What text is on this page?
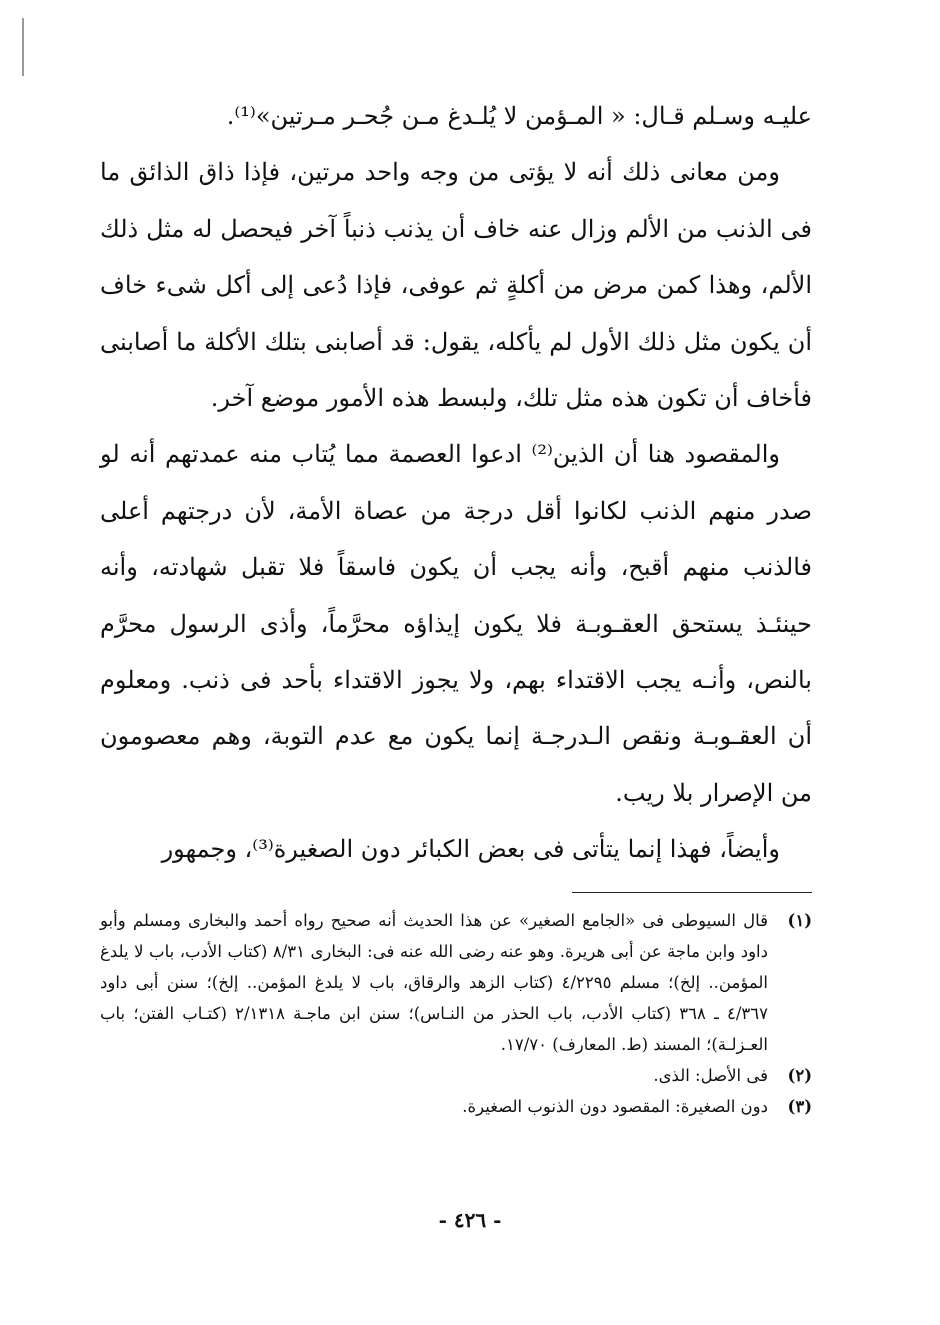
عليـه وسـلم قـال: « المـؤمن لا يُلـدغ مـن جُحـر مـرتين»⁽¹⁾.

ومن معانى ذلك أنه لا يؤتى من وجه واحد مرتين، فإذا ذاق الذائق ما فى الذنب من الألم وزال عنه خاف أن يذنب ذنباً آخر فيحصل له مثل ذلك الألم، وهذا كمن مرض من أكلةٍ ثم عوفى، فإذا دُعى إلى أكل شىء خاف أن يكون مثل ذلك الأول لم يأكله، يقول: قد أصابنى بتلك الأكلة ما أصابنى فأخاف أن تكون هذه مثل تلك، ولبسط هذه الأمور موضع آخر.

والمقصود هنا أن الذين⁽²⁾ ادعوا العصمة مما يُتاب منه عمدتهم أنه لو صدر منهم الذنب لكانوا أقل درجة من عصاة الأمة، لأن درجتهم أعلى فالذنب منهم أقبح، وأنه يجب أن يكون فاسقاً فلا تقبل شهادته، وأنه حينئـذ يستحق العقـوبـة فلا يكون إيذاؤه محرَّماً، وأذى الرسول محرَّم بالنص، وأنـه يجب الاقتداء بهم، ولا يجوز الاقتداء بأحد فى ذنب. ومعلوم أن العقـوبـة ونقص الـدرجـة إنما يكون مع عدم التوبة، وهم معصومون من الإصرار بلا ريب.

وأيضاً، فهذا إنما يتأتى فى بعض الكبائر دون الصغيرة⁽³⁾، وجمهور

(١)
قال السيوطى فى «الجامع الصغير» عن هذا الحديث أنه صحيح رواه أحمد والبخارى ومسلم وأبو داود وابن ماجة عن أبى هريرة. وهو عنه رضى الله عنه فى: البخارى ٨/٣١ (كتاب الأدب، باب لا يلدغ المؤمن.. إلخ)؛ مسلم ٤/٢٢٩٥ (كتاب الزهد والرقاق، باب لا يلدغ المؤمن.. إلخ)؛ سنن أبى داود ٤/٣٦٧ ـ ٣٦٨ (كتاب الأدب، باب الحذر من النـاس)؛ سنن ابن ماجـة ٢/١٣١٨ (كتـاب الفتن؛ باب العـزلـة)؛ المسند (ط. المعارف) ١٧/٧٠.
(٢)
فى الأصل: الذى.
(٣)
دون الصغيرة: المقصود دون الذنوب الصغيرة.
- ٤٢٦ -
